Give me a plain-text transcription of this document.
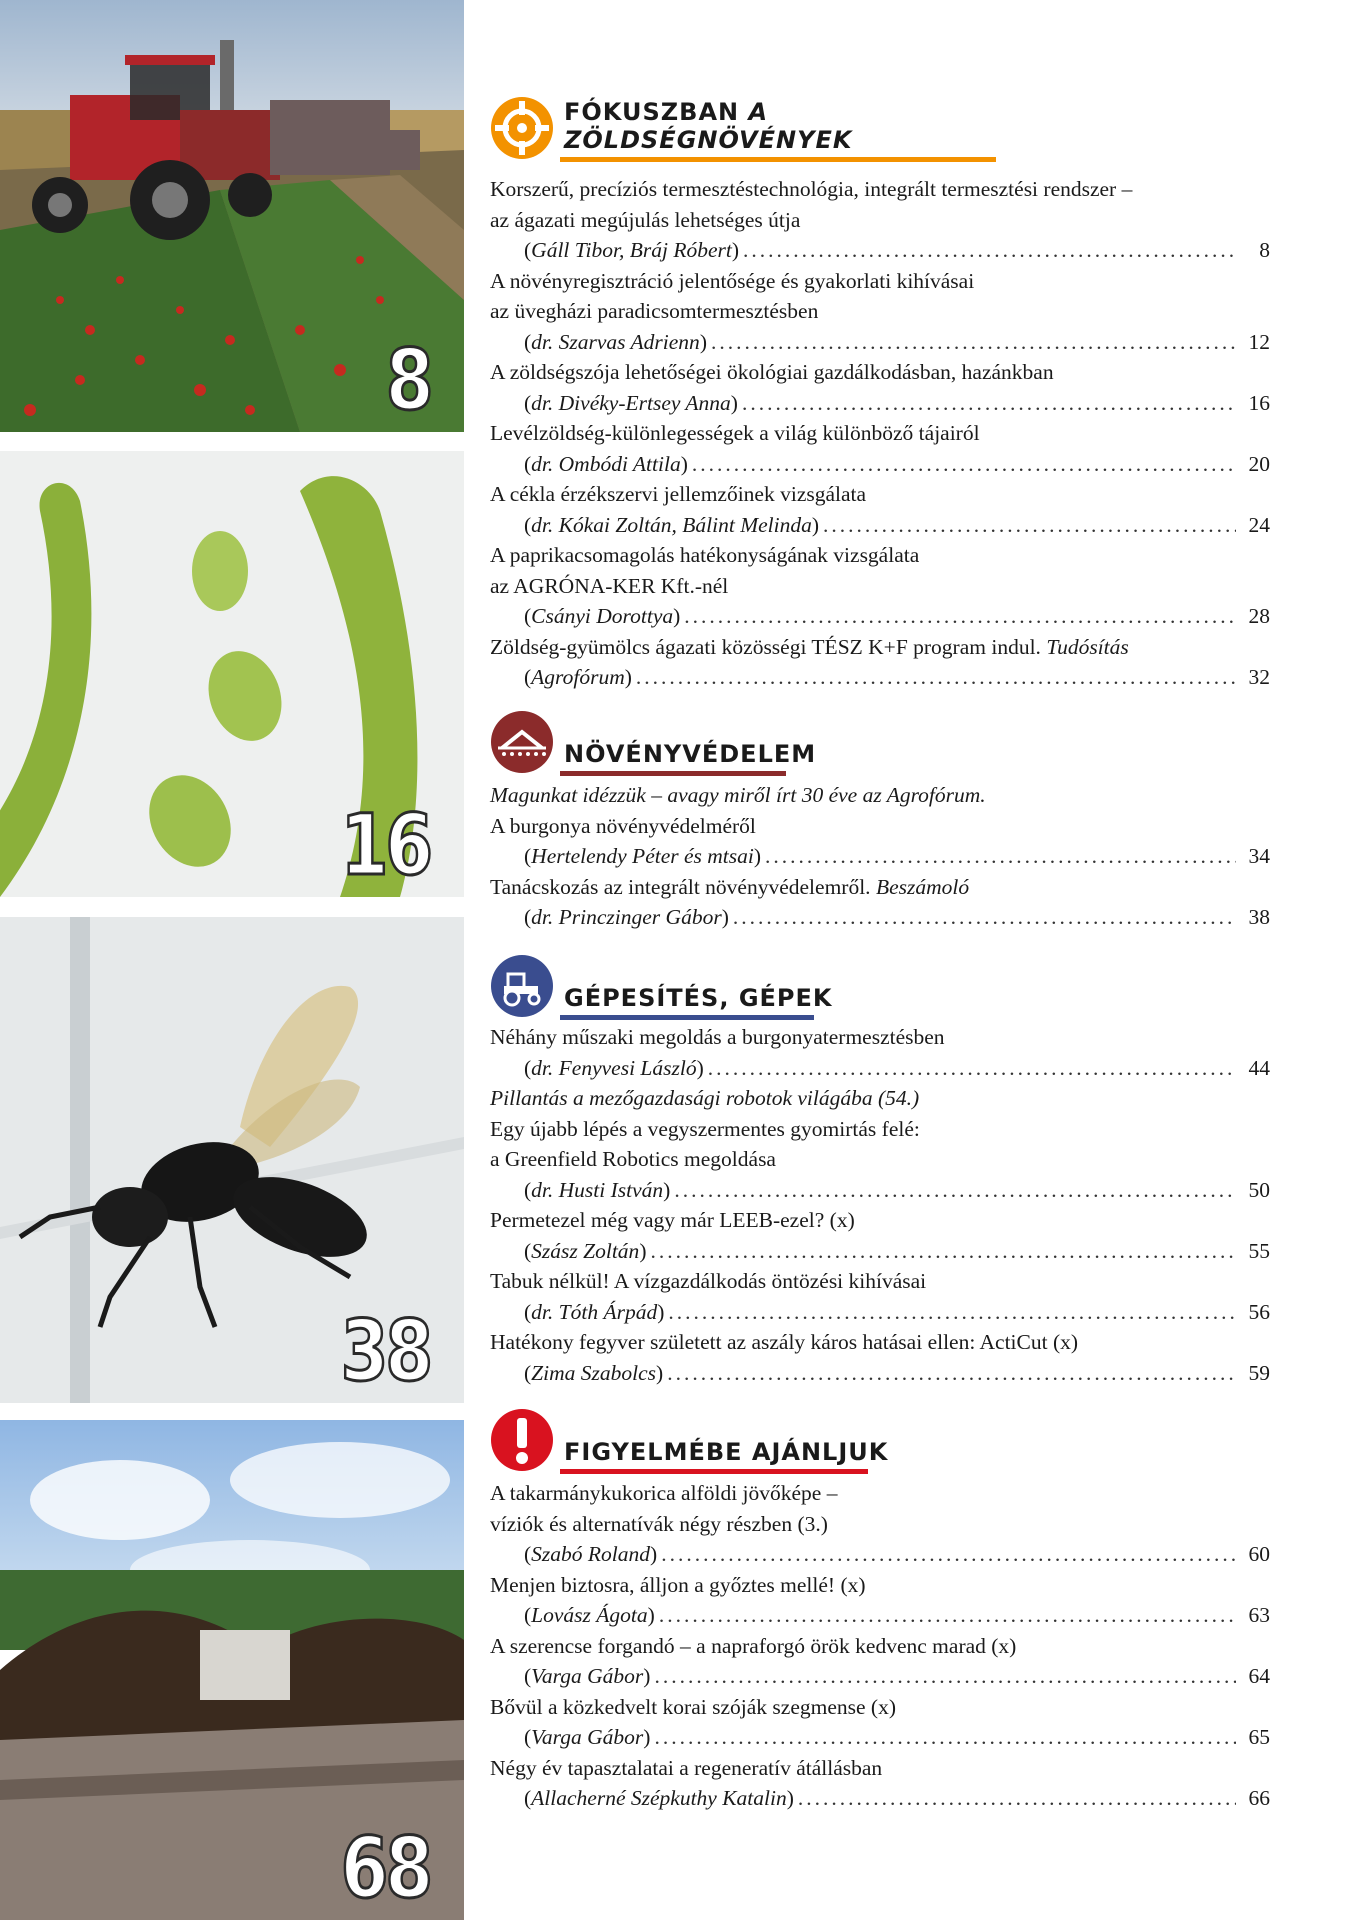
8
16
38
68
FÓKUSZBAN A ZÖLDSÉGNÖVÉNYEK
Korszerű, precíziós termesztéstechnológia, integrált termesztési rendszer –
az ágazati megújulás lehetséges útja
( Gáll Tibor, Bráj Róbert ) .....	8
A növényregisztráció jelentősége és gyakorlati kihívásai
az üvegházi paradicsomtermesztésben
( dr. Szarvas Adrienn ) .....	12
A zöldségszója lehetőségei ökológiai gazdálkodásban, hazánkban
( dr. Divéky-Ertsey Anna ) .....	16
Levélzöldség-különlegességek a világ különböző tájairól
( dr. Ombódi Attila ) .....	20
A cékla érzékszervi jellemzőinek vizsgálata
( dr. Kókai Zoltán, Bálint Melinda ) .....	24
A paprikacsomagolás hatékonyságának vizsgálata
az AGRÓNA-KER Kft.-nél
( Csányi Dorottya ) .....	28
Zöldség-gyümölcs ágazati közösségi TÉSZ K+F program indul. Tudósítás
( Agrofórum ) .....	32
NÖVÉNYVÉDELEM
Magunkat idézzük – avagy miről írt 30 éve az Agrofórum.
A burgonya növényvédelméről
( Hertelendy Péter és mtsai ) .....	34
Tanácskozás az integrált növényvédelemről. Beszámoló
( dr. Princzinger Gábor ) .....	38
GÉPESÍTÉS, GÉPEK
Néhány műszaki megoldás a burgonyatermesztésben
( dr. Fenyvesi László ) .....	44
Pillantás a mezőgazdasági robotok világába (54.)
Egy újabb lépés a vegyszermentes gyomirtás felé:
a Greenfield Robotics megoldása
( dr. Husti István ) .....	50
Permetezel még vagy már LEEB-ezel? (x)
( Szász Zoltán ) .....	55
Tabuk nélkül! A vízgazdálkodás öntözési kihívásai
( dr. Tóth Árpád ) .....	56
Hatékony fegyver született az aszály káros hatásai ellen: ActiCut (x)
( Zima Szabolcs ) .....	59
FIGYELMÉBE AJÁNLJUK
A takarmánykukorica alföldi jövőképe –
víziók és alternatívák négy részben (3.)
( Szabó Roland ) .....	60
Menjen biztosra, álljon a győztes mellé! (x)
( Lovász Ágota ) .....	63
A szerencse forgandó – a napraforgó örök kedvenc marad (x)
( Varga Gábor ) .....	64
Bővül a közkedvelt korai szóják szegmense (x)
( Varga Gábor ) .....	65
Négy év tapasztalatai a regeneratív átállásban
( Allacherné Szépkuthy Katalin ) .....	66
